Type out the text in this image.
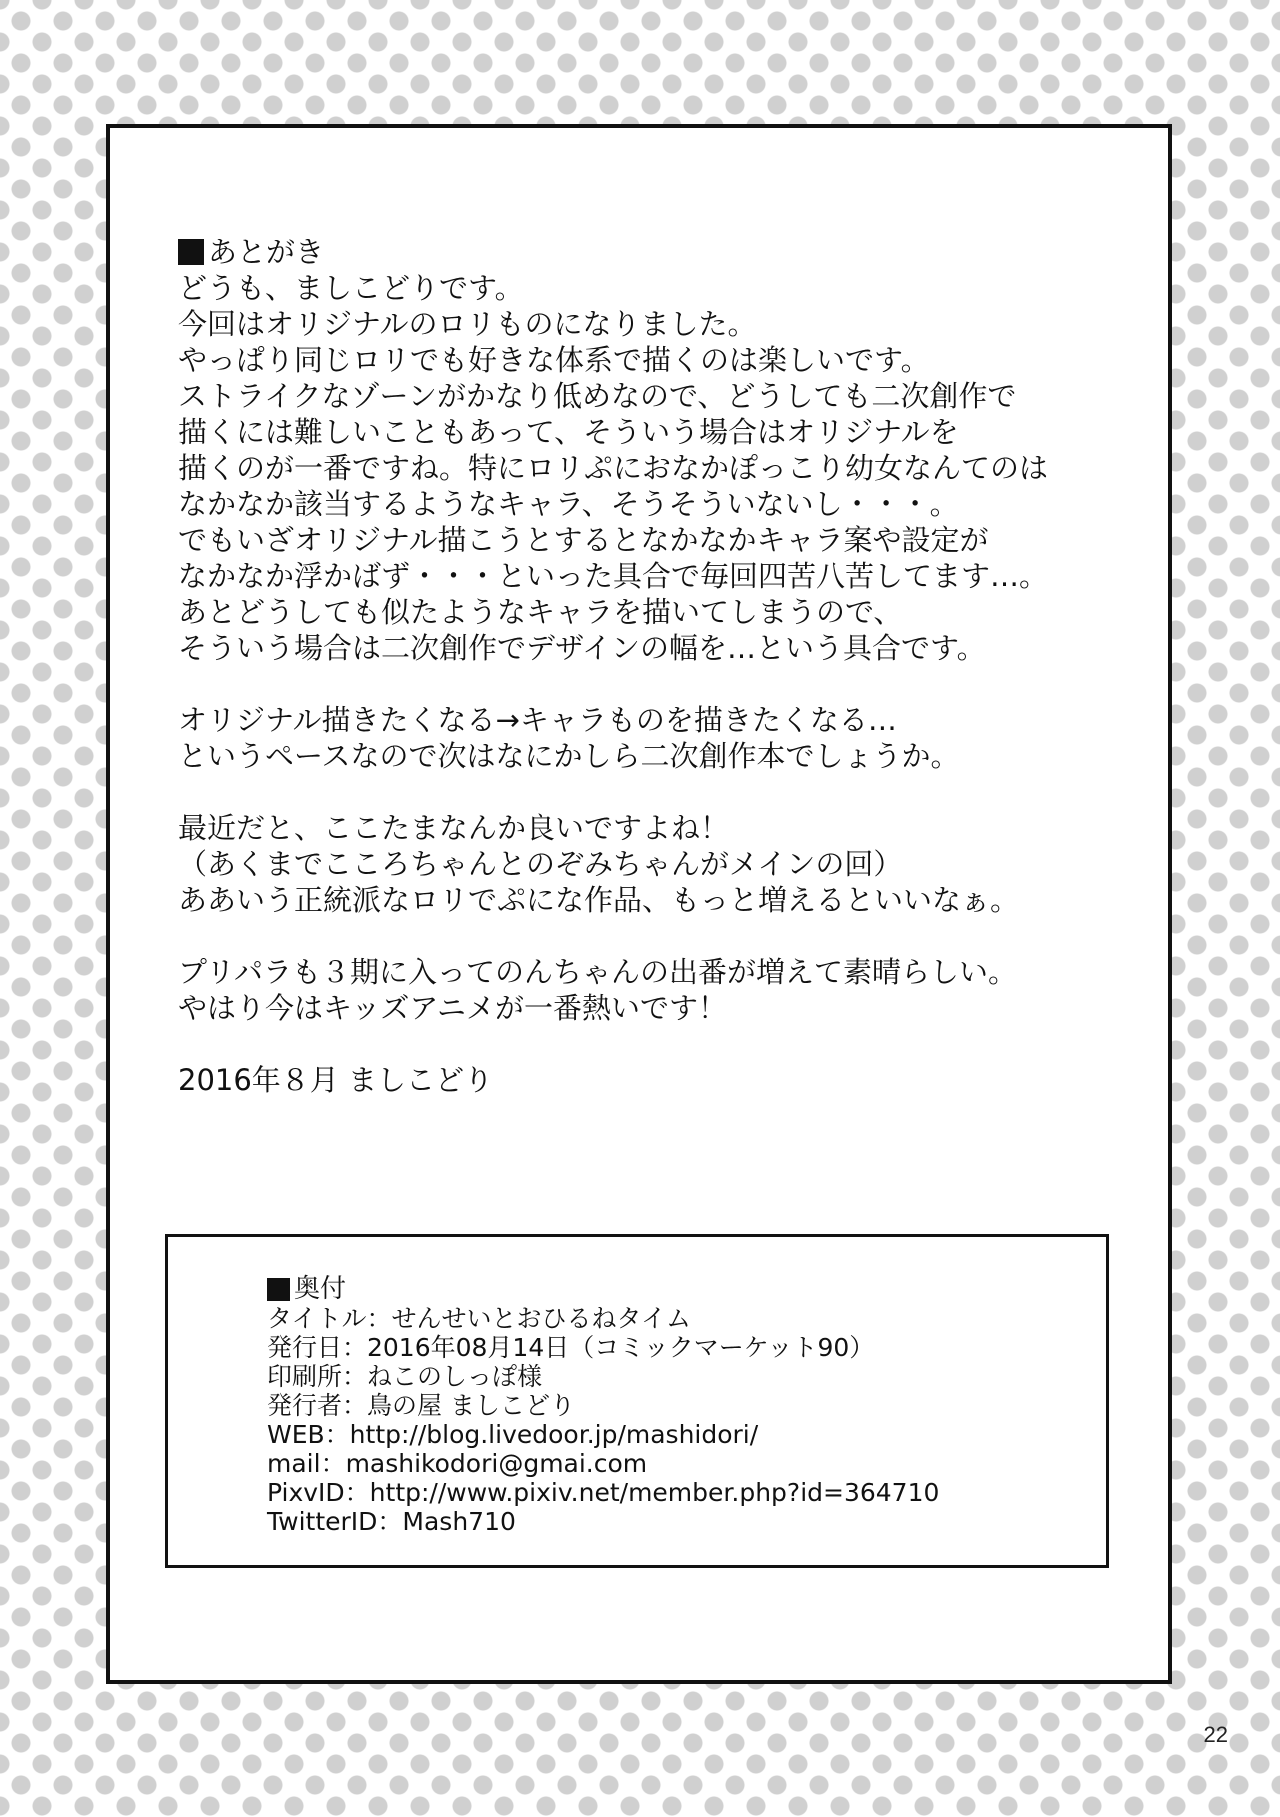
あとがき
どうも、ましこどりです。
今回はオリジナルのロリものになりました。
やっぱり同じロリでも好きな体系で描くのは楽しいです。
ストライクなゾーンがかなり低めなので、どうしても二次創作で
描くには難しいこともあって、そういう場合はオリジナルを
描くのが一番ですね。特にロリぷにおなかぽっこり幼女なんてのは
なかなか該当するようなキャラ、そうそういないし・・・。
でもいざオリジナル描こうとするとなかなかキャラ案や設定が
なかなか浮かばず・・・といった具合で毎回四苦八苦してます…。
あとどうしても似たようなキャラを描いてしまうので、
そういう場合は二次創作でデザインの幅を…という具合です。
オリジナル描きたくなる→キャラものを描きたくなる…
というペースなので次はなにかしら二次創作本でしょうか。
最近だと、ここたまなんか良いですよね！
（あくまでこころちゃんとのぞみちゃんがメインの回）
ああいう正統派なロリでぷにな作品、もっと増えるといいなぁ。
プリパラも３期に入ってのんちゃんの出番が増えて素晴らしい。
やはり今はキッズアニメが一番熱いです！
2016年８月 ましこどり
奥付
タイトル：せんせいとおひるねタイム
発行日：2016年08月14日（コミックマーケット90）
印刷所：ねこのしっぽ様
発行者：鳥の屋 ましこどり
WEB：http://blog.livedoor.jp/mashidori/
mail：mashikodori@gmai.com
PixvID：http://www.pixiv.net/member.php?id=364710
TwitterID：Mash710
22
